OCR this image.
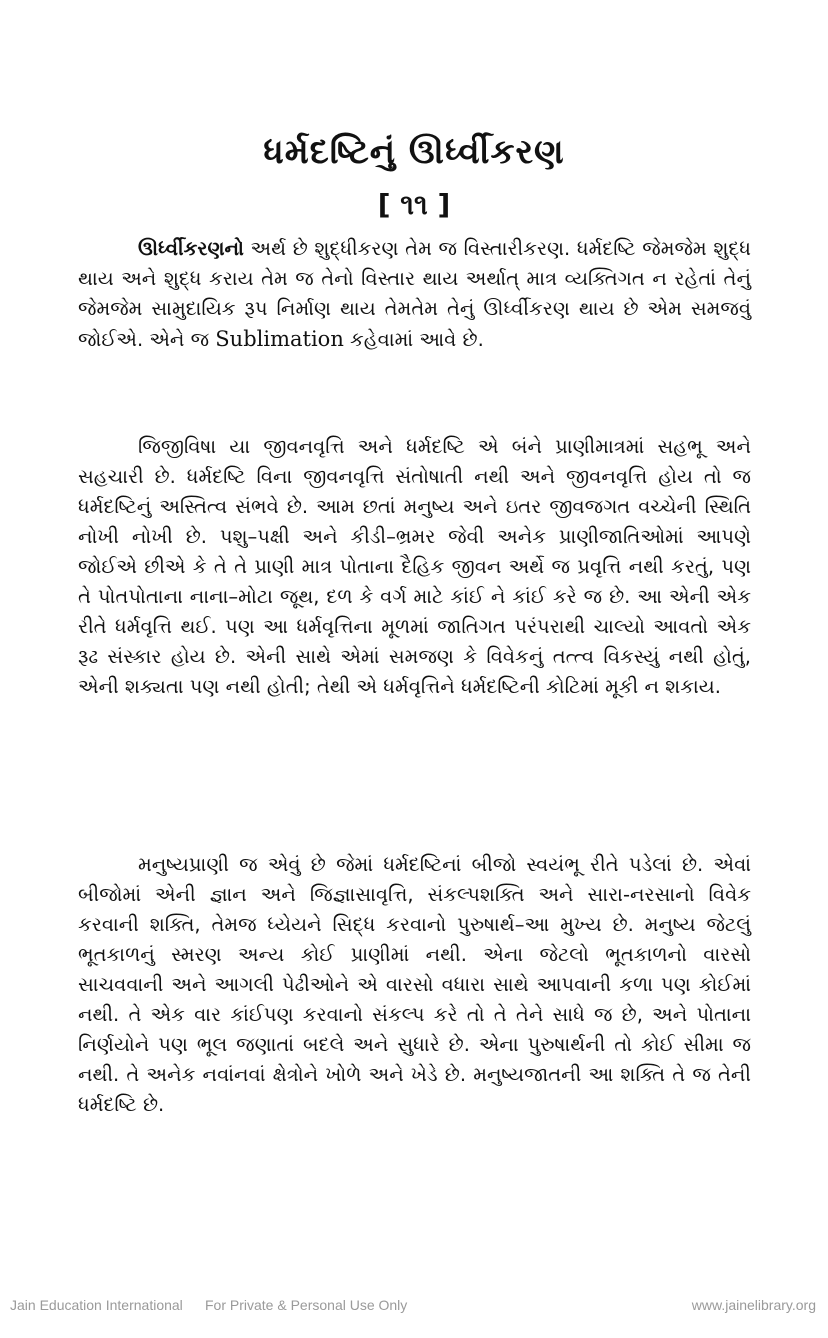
ધર્મદષ્ટિનું ઊર્ધ્વીકરણ
[ ૧૧ ]

ઊર્ધ્વીકરણનો અર્થ છે શુદ્ધીકરણ તેમ જ વિસ્તારીકરણ. ધર્મદષ્ટિ જેમજેમ શુદ્ધ થાય અને શુદ્ધ કરાય તેમ જ તેનો વિસ્તાર થાય અર્થાત્ માત્ર વ્યક્તિગત ન રહેતાં તેનું જેમજેમ સામુદાયિક રૂપ નિર્માણ થાય તેમતેમ તેનું ઊર્ધ્વીકરણ થાય છે એમ સમજવું જોઈએ. એને જ Sublimation કહેવામાં આવે છે.

જિજીવિષા યા જીવનવૃત્તિ અને ધર્મદષ્ટિ એ બંને પ્રાણીમાત્રમાં સહભૂ અને સહચારી છે. ધર્મદષ્ટિ વિના જીવનવૃત્તિ સંતોષાતી નથી અને જીવનવૃત્તિ હોય તો જ ધર્મદષ્ટિનું અસ્તિત્વ સંભવે છે. આમ છતાં મનુષ્ય અને ઇતર જીવજગત વચ્ચેની સ્થિતિ નોખી નોખી છે. પશુ–પક્ષી અને કીડી–ભ્રમર જેવી અનેક પ્રાણીજાતિઓમાં આપણે જોઈએ છીએ કે તે તે પ્રાણી માત્ર પોતાના દૈહિક જીવન અર્થે જ પ્રવૃત્તિ નથી કરતું, પણ તે પોતપોતાના નાના–મોટા જૂથ, દળ કે વર્ગ માટે કાંઈ ને કાંઈ કરે જ છે. આ એની એક રીતે ધર્મવૃત્તિ થઈ. પણ આ ધર્મવૃત્તિના મૂળમાં જાતિગત પરંપરાથી ચાલ્યો આવતો એક રૂઢ સંસ્કાર હોય છે. એની સાથે એમાં સમજણ કે વિવેકનું તત્ત્વ વિકસ્યું નથી હોતું, એની શક્યતા પણ નથી હોતી; તેથી એ ધર્મવૃત્તિને ધર્મદષ્ટિની કોટિમાં મૂકી ન શકાય.

મનુષ્યપ્રાણી જ એવું છે જેમાં ધર્મદષ્ટિનાં બીજો સ્વયંભૂ રીતે પડેલાં છે. એવાં બીજોમાં એની જ્ઞાન અને જિજ્ઞાસાવૃત્તિ, સંકલ્પશક્તિ અને સારા-નરસાનો વિવેક કરવાની શક્તિ, તેમજ ધ્યેયને સિદ્ધ કરવાનો પુરુષાર્થ–આ મુખ્ય છે. મનુષ્ય જેટલું ભૂતકાળનું સ્મરણ અન્ય કોઈ પ્રાણીમાં નથી. એના જેટલો ભૂતકાળનો વારસો સાચવવાની અને આગલી પેઢીઓને એ વારસો વધારા સાથે આપવાની કળા પણ કોઈમાં નથી. તે એક વાર કાંઈપણ કરવાનો સંકલ્પ કરે તો તે તેને સાધે જ છે, અને પોતાના નિર્ણયોને પણ ભૂલ જણાતાં બદલે અને સુધારે છે. એના પુરુષાર્થની તો કોઈ સીમા જ નથી. તે અનેક નવાંનવાં ક્ષેત્રોને ખોળે અને ખેડે છે. મનુષ્યજાતની આ શક્તિ તે જ તેની ધર્મદષ્ટિ છે.

Jain Education International For Private & Personal Use Only	www.jainelibrary.org
